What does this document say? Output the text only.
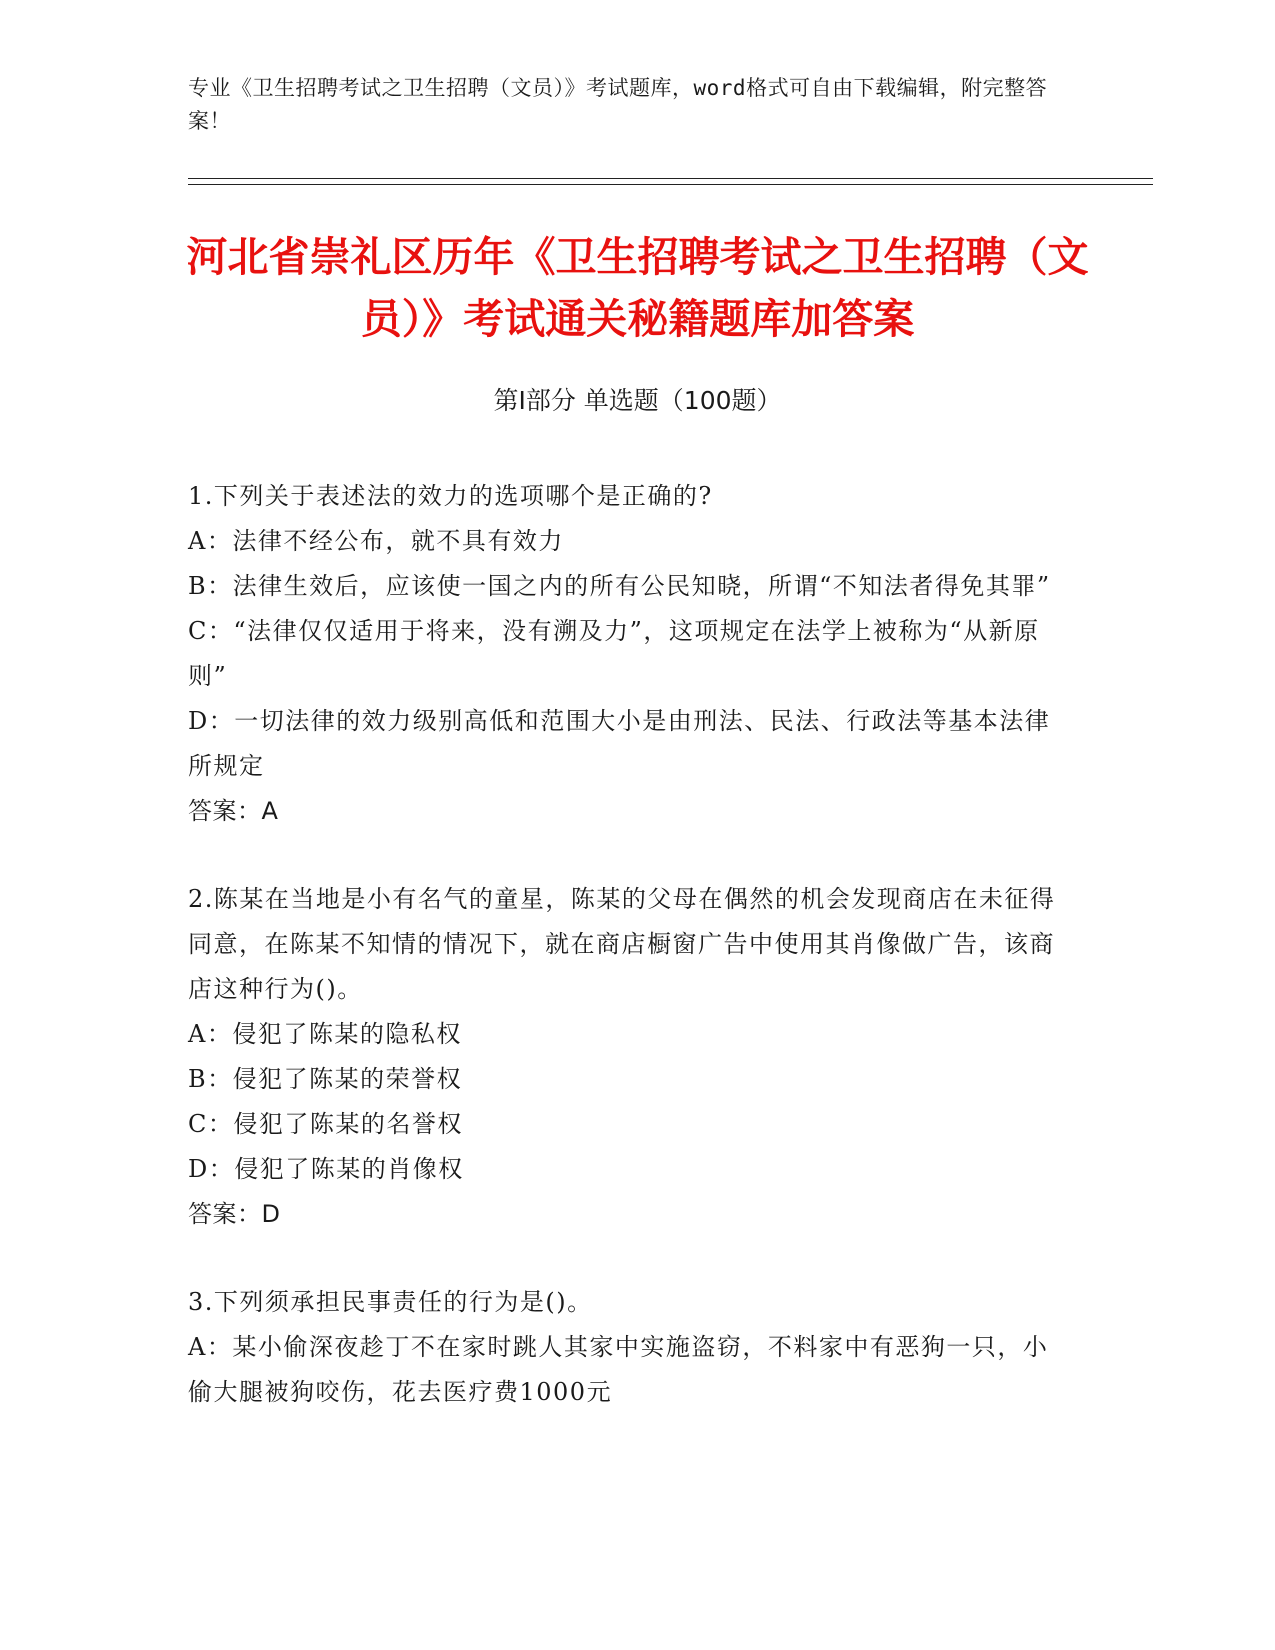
专业《卫生招聘考试之卫生招聘（文员）》考试题库，word格式可自由下载编辑，附完整答案！
河北省崇礼区历年《卫生招聘考试之卫生招聘（文员）》考试通关秘籍题库加答案
第Ⅰ部分 单选题（100题）

1.下列关于表述法的效力的选项哪个是正确的?

A：法律不经公布，就不具有效力

B：法律生效后，应该使一国之内的所有公民知晓，所谓“不知法者得免其罪”

C：“法律仅仅适用于将来，没有溯及力”，这项规定在法学上被称为“从新原则”

D：一切法律的效力级别高低和范围大小是由刑法、民法、行政法等基本法律所规定

答案：A

2.陈某在当地是小有名气的童星，陈某的父母在偶然的机会发现商店在未征得同意，在陈某不知情的情况下，就在商店橱窗广告中使用其肖像做广告，该商店这种行为()。

A：侵犯了陈某的隐私权

B：侵犯了陈某的荣誉权

C：侵犯了陈某的名誉权

D：侵犯了陈某的肖像权

答案：D

3.下列须承担民事责任的行为是()。

A：某小偷深夜趁丁不在家时跳人其家中实施盗窃，不料家中有恶狗一只，小偷大腿被狗咬伤，花去医疗费1000元
